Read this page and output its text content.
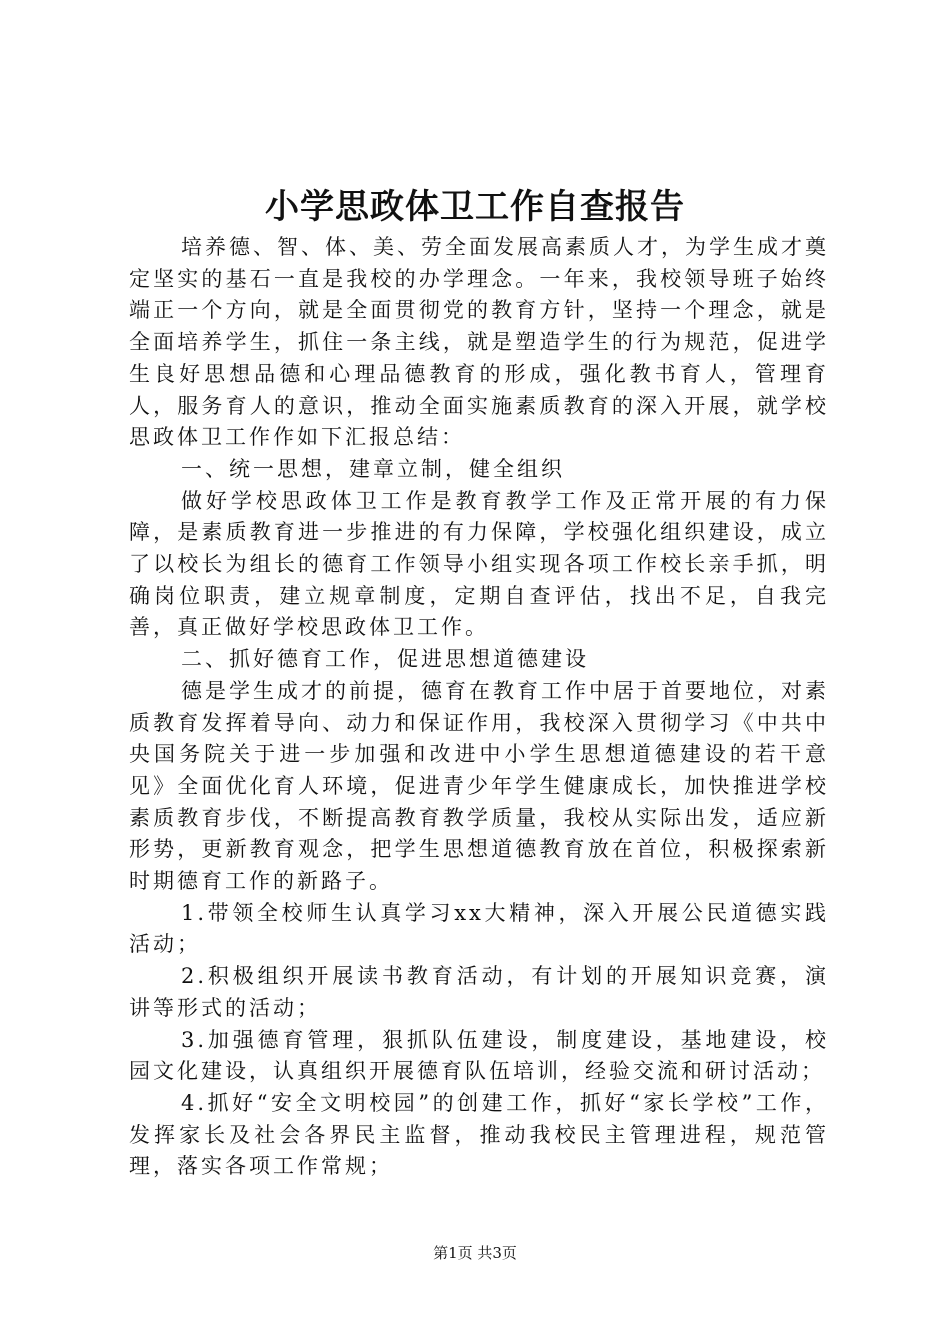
小学思政体卫工作自查报告

培养德、智、体、美、劳全面发展高素质人才，为学生成才奠定坚实的基石一直是我校的办学理念。一年来，我校领导班子始终端正一个方向，就是全面贯彻党的教育方针，坚持一个理念，就是全面培养学生，抓住一条主线，就是塑造学生的行为规范，促进学生良好思想品德和心理品德教育的形成，强化教书育人，管理育人，服务育人的意识，推动全面实施素质教育的深入开展，就学校思政体卫工作作如下汇报总结：

一、统一思想，建章立制，健全组织

做好学校思政体卫工作是教育教学工作及正常开展的有力保障，是素质教育进一步推进的有力保障，学校强化组织建设，成立了以校长为组长的德育工作领导小组实现各项工作校长亲手抓，明确岗位职责，建立规章制度，定期自查评估，找出不足，自我完善，真正做好学校思政体卫工作。

二、抓好德育工作，促进思想道德建设

德是学生成才的前提，德育在教育工作中居于首要地位，对素质教育发挥着导向、动力和保证作用，我校深入贯彻学习《中共中央国务院关于进一步加强和改进中小学生思想道德建设的若干意见》全面优化育人环境，促进青少年学生健康成长，加快推进学校素质教育步伐，不断提高教育教学质量，我校从实际出发，适应新形势，更新教育观念，把学生思想道德教育放在首位，积极探索新时期德育工作的新路子。

1.带领全校师生认真学习xx大精神，深入开展公民道德实践活动；

2.积极组织开展读书教育活动，有计划的开展知识竞赛，演讲等形式的活动；

3.加强德育管理，狠抓队伍建设，制度建设，基地建设，校园文化建设，认真组织开展德育队伍培训，经验交流和研讨活动；

4.抓好“安全文明校园”的创建工作，抓好“家长学校”工作，发挥家长及社会各界民主监督，推动我校民主管理进程，规范管理，落实各项工作常规；

第1页 共3页
